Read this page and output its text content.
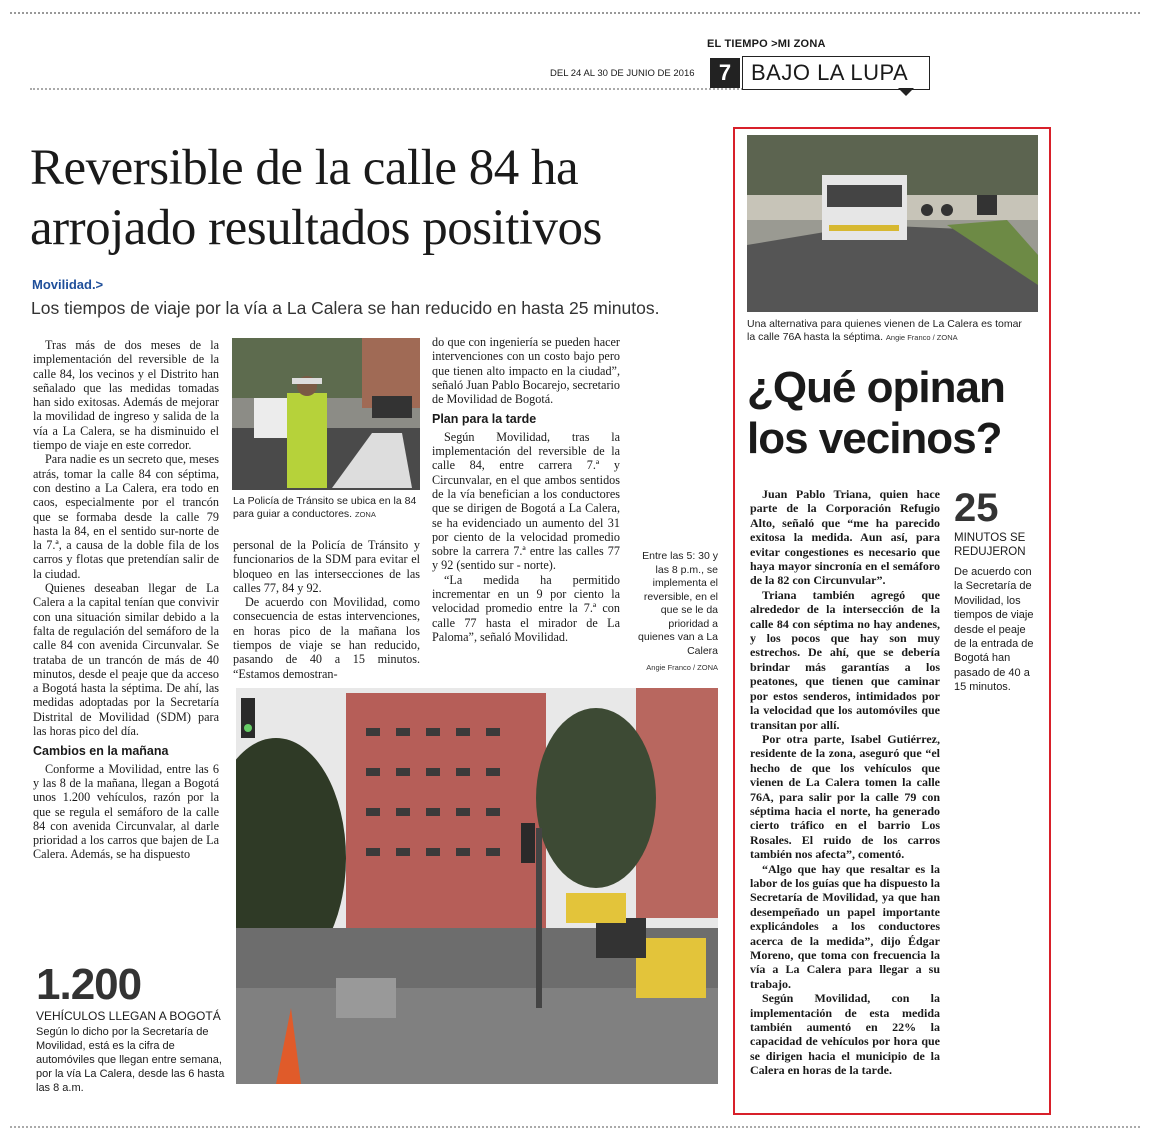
EL TIEMPO >MI ZONA
DEL 24 AL 30 DE JUNIO DE 2016	7 BAJO LA LUPA
Reversible de la calle 84 ha
arrojado resultados positivos
Movilidad.>
Los tiempos de viaje por la vía a La Calera se han reducido en hasta 25 minutos.

Tras más de dos meses de la implementación del reversible de la calle 84, los vecinos y el Distrito han señalado que las medidas tomadas han sido exitosas. Además de mejorar la movilidad de ingreso y salida de la vía a La Calera, se ha disminuido el tiempo de viaje en este corredor.

Para nadie es un secreto que, meses atrás, tomar la calle 84 con séptima, con destino a La Calera, era todo en caos, especialmente por el trancón que se formaba desde la calle 79 hasta la 84, en el sentido sur-norte de la 7.ª, a causa de la doble fila de los carros y flotas que pretendían salir de la ciudad.

Quienes deseaban llegar de La Calera a la capital tenían que convivir con una situación similar debido a la falta de regulación del semáforo de la calle 84 con avenida Circunvalar. Se trataba de un trancón de más de 40 minutos, desde el peaje que da acceso a Bogotá hasta la séptima. De ahí, las medidas adoptadas por la Secretaría Distrital de Movilidad (SDM) para las horas pico del día.

Cambios en la mañana

Conforme a Movilidad, entre las 6 y las 8 de la mañana, llegan a Bogotá unos 1.200 vehículos, razón por la que se regula el semáforo de la calle 84 con avenida Circunvalar, al darle prioridad a los carros que bajen de La Calera. Además, se ha dispuesto

1.200
VEHÍCULOS LLEGAN A BOGOTÁ
Según lo dicho por la Secretaría de Movilidad, está es la cifra de automóviles que llegan entre semana, por la vía La Calera, desde las 6 hasta las 8 a.m.
La Policía de Tránsito se ubica en la 84 para guiar a conductores. ZONA

personal de la Policía de Tránsito y funcionarios de la SDM para evitar el bloqueo en las intersecciones de las calles 77, 84 y 92.

De acuerdo con Movilidad, como consecuencia de estas intervenciones, en horas pico de la mañana los tiempos de viaje se han reducido, pasando de 40 a 15 minutos. “Estamos demostran-

do que con ingeniería se pueden hacer intervenciones con un costo bajo pero que tienen alto impacto en la ciudad”, señaló Juan Pablo Bocarejo, secretario de Movilidad de Bogotá.

Plan para la tarde

Según Movilidad, tras la implementación del reversible de la calle 84, entre carrera 7.ª y Circunvalar, en el que ambos sentidos de la vía benefician a los conductores que se dirigen de Bogotá a La Calera, se ha evidenciado un aumento del 31 por ciento de la velocidad promedio sobre la carrera 7.ª entre las calles 77 y 92 (sentido sur - norte).

“La medida ha permitido incrementar en un 9 por ciento la velocidad promedio entre la 7.ª con calle 77 hasta el mirador de La Paloma”, señaló Movilidad.

Entre las 5: 30 y las 8 p.m., se implementa el reversible, en el que se le da prioridad a quienes van a La Calera
Angie Franco / ZONA
Una alternativa para quienes vienen de La Calera es tomar la calle 76A hasta la séptima. Angie Franco / ZONA
¿Qué opinan
los vecinos?

Juan Pablo Triana, quien hace parte de la Corporación Refugio Alto, señaló que “me ha parecido exitosa la medida. Aun así, para evitar congestiones es necesario que haya mayor sincronía en el semáforo de la 82 con Circunvular”.

Triana también agregó que alrededor de la intersección de la calle 84 con séptima no hay andenes, y los pocos que hay son muy estrechos. De ahí, que se debería brindar más garantías a los peatones, que tienen que caminar por estos senderos, intimidados por la velocidad que los automóviles que transitan por allí.

Por otra parte, Isabel Gutiérrez, residente de la zona, aseguró que “el hecho de que los vehículos que vienen de La Calera tomen la calle 76A, para salir por la calle 79 con séptima hacia el norte, ha generado cierto tráfico en el barrio Los Rosales. El ruido de los carros también nos afecta”, comentó.

“Algo que hay que resaltar es la labor de los guías que ha dispuesto la Secretaría de Movilidad, ya que han desempeñado un papel importante explicándoles a los conductores acerca de la medida”, dijo Édgar Moreno, que toma con frecuencia la vía a La Calera para llegar a su trabajo.

Según Movilidad, con la implementación de esta medida también aumentó en 22% la capacidad de vehículos por hora que se dirigen hacia el municipio de la Calera en horas de la tarde.

25
MINUTOS SE REDUJERON
De acuerdo con la Secretaría de Movilidad, los tiempos de viaje desde el peaje de la entrada de Bogotá han pasado de 40 a 15 minutos.
